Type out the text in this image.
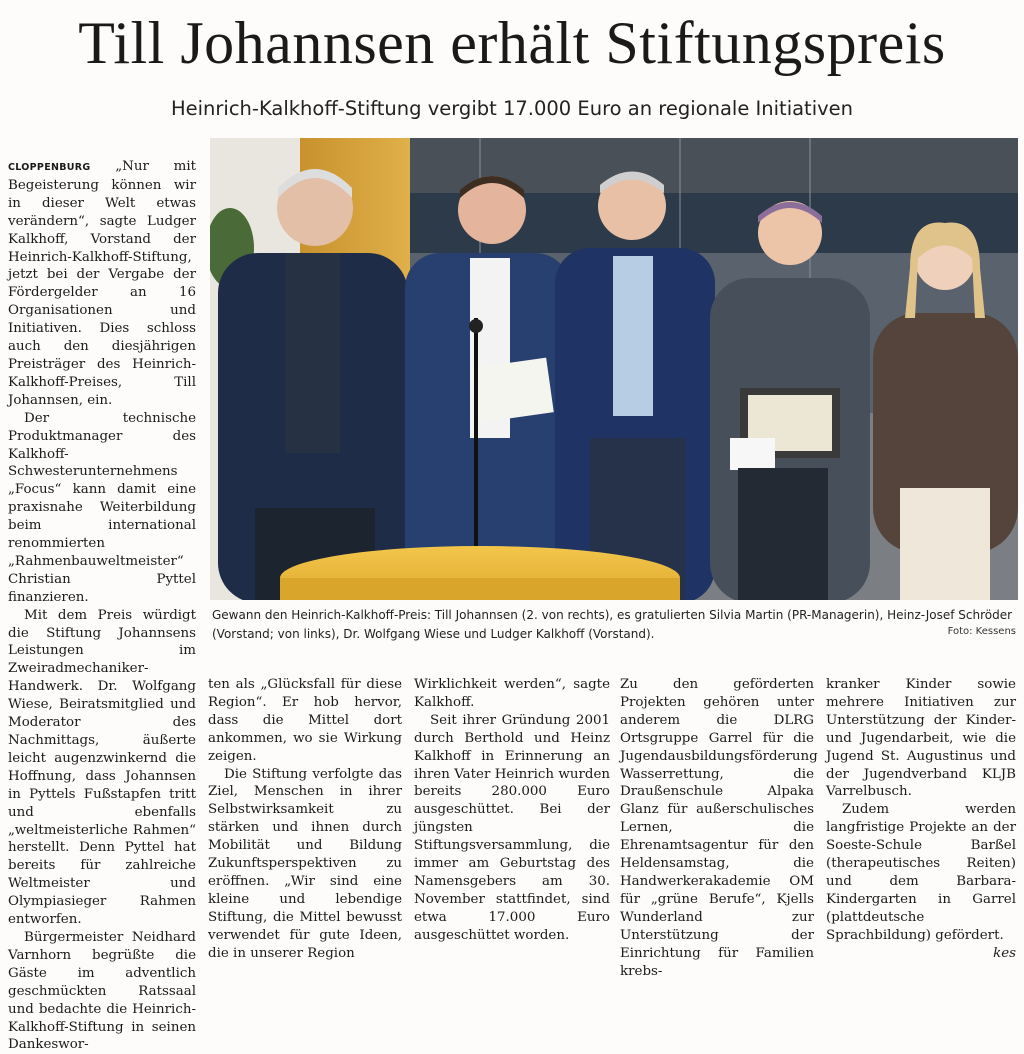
Till Johannsen erhält Stiftungspreis
Heinrich-Kalkhoff-Stiftung vergibt 17.000 Euro an regionale Initiativen

CLOPPENBURG „Nur mit Begeisterung können wir in dieser Welt etwas verändern“, sagte Ludger Kalkhoff, Vorstand der Heinrich-Kalkhoff-Stiftung, jetzt bei der Vergabe der Fördergelder an 16 Organisationen und Initiativen. Dies schloss auch den diesjährigen Preisträger des Heinrich-Kalkhoff-Preises, Till Johannsen, ein.

Der technische Produktmanager des Kalkhoff-Schwesterunternehmens „Focus“ kann damit eine praxisnahe Weiterbildung beim international renommierten „Rahmenbauweltmeister“ Christian Pyttel finanzieren.

Mit dem Preis würdigt die Stiftung Johannsens Leistungen im Zweiradmechaniker-Handwerk. Dr. Wolfgang Wiese, Beiratsmitglied und Moderator des Nachmittags, äußerte leicht augenzwinkernd die Hoffnung, dass Johannsen in Pyttels Fußstapfen tritt und ebenfalls „weltmeisterliche Rahmen“ herstellt. Denn Pyttel hat bereits für zahlreiche Weltmeister und Olympiasieger Rahmen entworfen.

Bürgermeister Neidhard Varnhorn begrüßte die Gäste im adventlich geschmückten Ratssaal und bedachte die Heinrich-Kalkhoff-Stiftung in seinen Dankeswor-

Gewann den Heinrich-Kalkhoff-Preis: Till Johannsen (2. von rechts), es gratulierten Silvia Martin (PR-Managerin), Heinz-Josef Schröder (Vorstand; von links), Dr. Wolfgang Wiese und Ludger Kalkhoff (Vorstand).	Foto: Kessens

ten als „Glücksfall für diese Region“. Er hob hervor, dass die Mittel dort ankommen, wo sie Wirkung zeigen.

Die Stiftung verfolgte das Ziel, Menschen in ihrer Selbstwirksamkeit zu stärken und ihnen durch Mobilität und Bildung Zukunftsperspektiven zu eröffnen. „Wir sind eine kleine und lebendige Stiftung, die Mittel bewusst verwendet für gute Ideen, die in unserer Region

Wirklichkeit werden“, sagte Kalkhoff.

Seit ihrer Gründung 2001 durch Berthold und Heinz Kalkhoff in Erinnerung an ihren Vater Heinrich wurden bereits 280.000 Euro ausgeschüttet. Bei der jüngsten Stiftungsversammlung, die immer am Geburtstag des Namensgebers am 30. November stattfindet, sind etwa 17.000 Euro ausgeschüttet worden.

Zu den geförderten Projekten gehören unter anderem die DLRG Ortsgruppe Garrel für die Jugendausbildungsförderung Wasserrettung, die Draußenschule Alpaka Glanz für außerschulisches Lernen, die Ehrenamtsagentur für den Heldensamstag, die Handwerkerakademie OM für „grüne Berufe“, Kjells Wunderland zur Unterstützung der Einrichtung für Familien krebs-

kranker Kinder sowie mehrere Initiativen zur Unterstützung der Kinder- und Jugendarbeit, wie die Jugend St. Augustinus und der Jugendverband KLJB Varrelbusch.

Zudem werden langfristige Projekte an der Soeste-Schule Barßel (therapeutisches Reiten) und dem Barbara-Kindergarten in Garrel (plattdeutsche Sprachbildung) gefördert.

kes
